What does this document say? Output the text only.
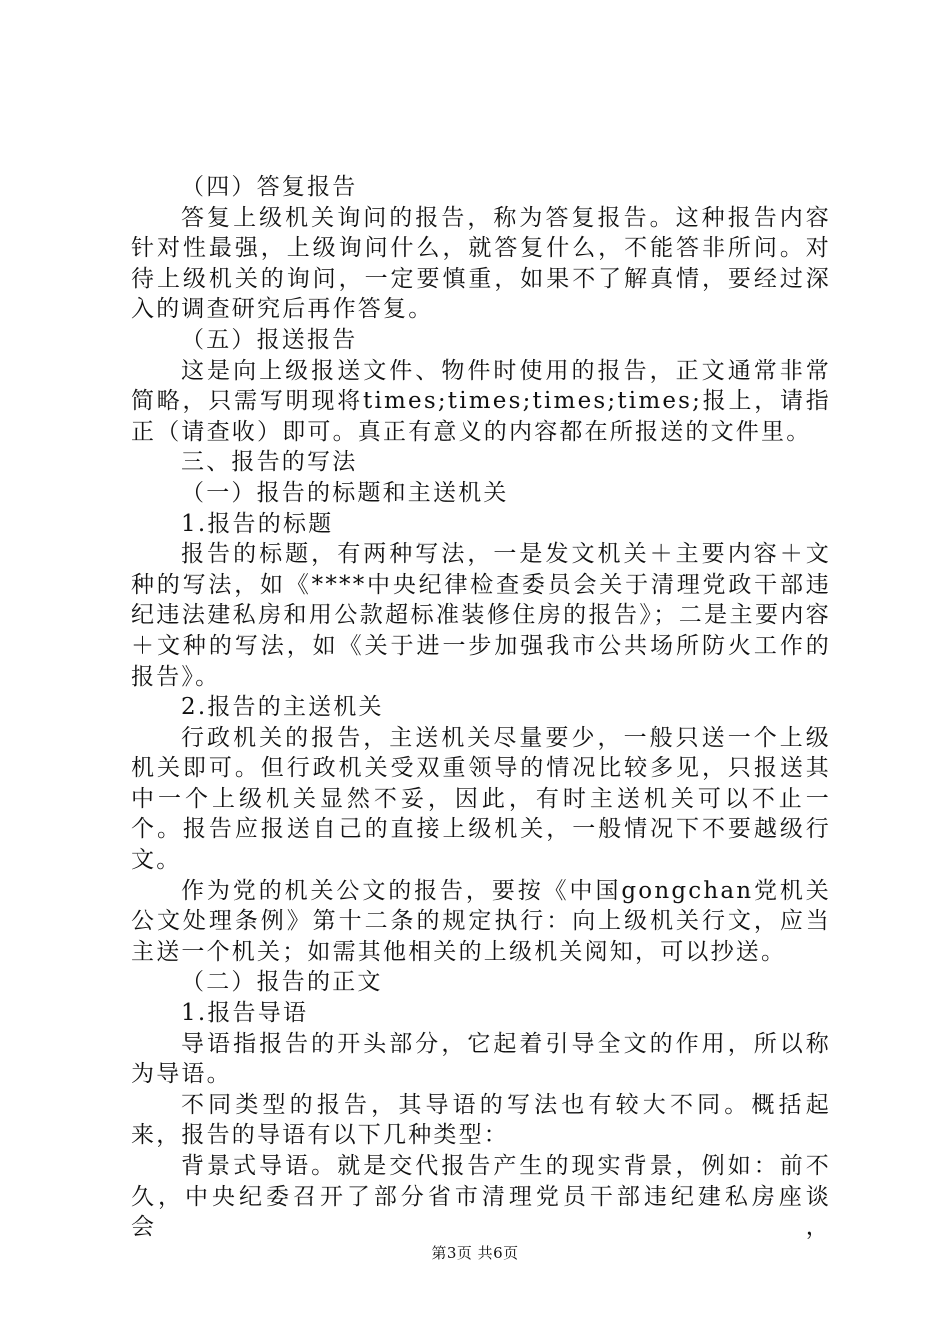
（四）答复报告

答复上级机关询问的报告，称为答复报告。这种报告内容针对性最强，上级询问什么，就答复什么，不能答非所问。对待上级机关的询问，一定要慎重，如果不了解真情，要经过深入的调查研究后再作答复。

（五）报送报告

这是向上级报送文件、物件时使用的报告，正文通常非常简略，只需写明现将times;times;times;times;报上，请指正（请查收）即可。真正有意义的内容都在所报送的文件里。

三、报告的写法

（一）报告的标题和主送机关

1.报告的标题

报告的标题，有两种写法，一是发文机关＋主要内容＋文种的写法，如《****中央纪律检查委员会关于清理党政干部违纪违法建私房和用公款超标准装修住房的报告》；二是主要内容＋文种的写法，如《关于进一步加强我市公共场所防火工作的报告》。

2.报告的主送机关

行政机关的报告，主送机关尽量要少，一般只送一个上级机关即可。但行政机关受双重领导的情况比较多见，只报送其中一个上级机关显然不妥，因此，有时主送机关可以不止一个。报告应报送自己的直接上级机关，一般情况下不要越级行文。

作为党的机关公文的报告，要按《中国gongchan党机关公文处理条例》第十二条的规定执行：向上级机关行文，应当主送一个机关；如需其他相关的上级机关阅知，可以抄送。

（二）报告的正文

1.报告导语

导语指报告的开头部分，它起着引导全文的作用，所以称为导语。

不同类型的报告，其导语的写法也有较大不同。概括起来，报告的导语有以下几种类型：

背景式导语。就是交代报告产生的现实背景，例如：前不久，中央纪委召开了部分省市清理党员干部违纪建私房座谈会，

第3页 共6页
